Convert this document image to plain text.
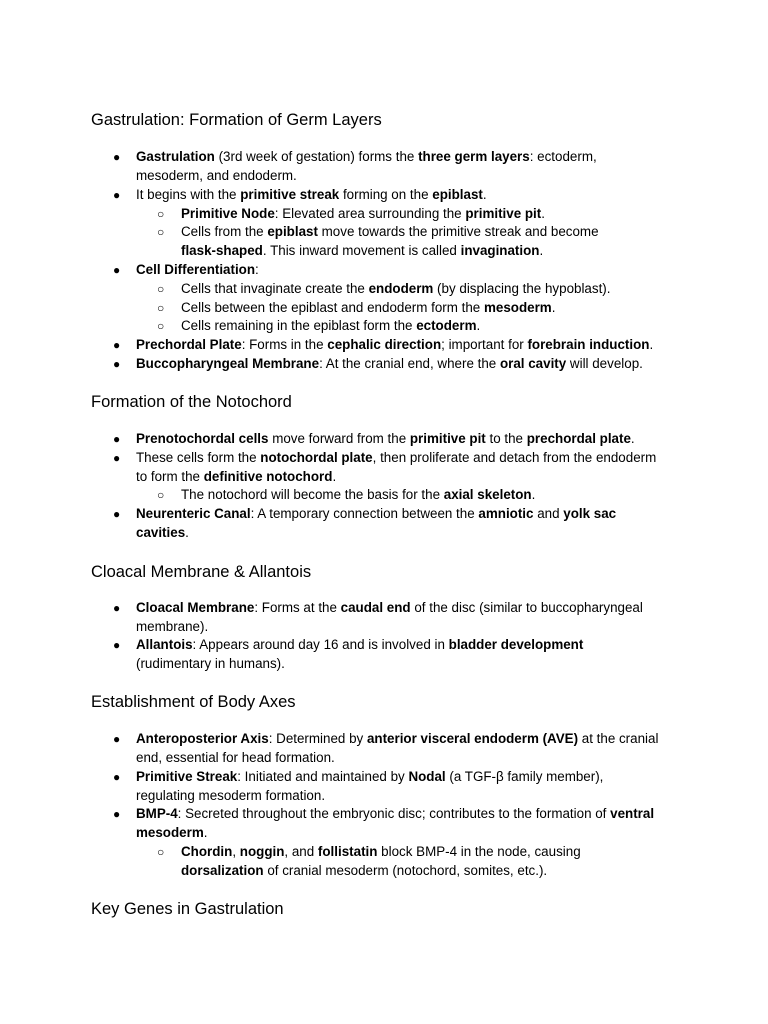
Gastrulation: Formation of Germ Layers
● Gastrulation (3rd week of gestation) forms the three germ layers: ectoderm,

mesoderm, and endoderm.

● It begins with the primitive streak forming on the epiblast.

○ Primitive Node: Elevated area surrounding the primitive pit.

○ Cells from the epiblast move towards the primitive streak and become

flask-shaped. This inward movement is called invagination.

● Cell Differentiation:

○ Cells that invaginate create the endoderm (by displacing the hypoblast).

○ Cells between the epiblast and endoderm form the mesoderm.

○ Cells remaining in the epiblast form the ectoderm.

● Prechordal Plate: Forms in the cephalic direction; important for forebrain induction.

● Buccopharyngeal Membrane: At the cranial end, where the oral cavity will develop.

Formation of the Notochord
● Prenotochordal cells move forward from the primitive pit to the prechordal plate.

● These cells form the notochordal plate, then proliferate and detach from the endoderm

to form the definitive notochord.

○ The notochord will become the basis for the axial skeleton.

● Neurenteric Canal: A temporary connection between the amniotic and yolk sac

cavities.

Cloacal Membrane & Allantois
● Cloacal Membrane: Forms at the caudal end of the disc (similar to buccopharyngeal

membrane).

● Allantois: Appears around day 16 and is involved in bladder development

(rudimentary in humans).

Establishment of Body Axes
● Anteroposterior Axis: Determined by anterior visceral endoderm (AVE) at the cranial

end, essential for head formation.

● Primitive Streak: Initiated and maintained by Nodal (a TGF-β family member),

regulating mesoderm formation.

● BMP-4: Secreted throughout the embryonic disc; contributes to the formation of ventral

mesoderm.

○ Chordin, noggin, and follistatin block BMP-4 in the node, causing

dorsalization of cranial mesoderm (notochord, somites, etc.).

Key Genes in Gastrulation
